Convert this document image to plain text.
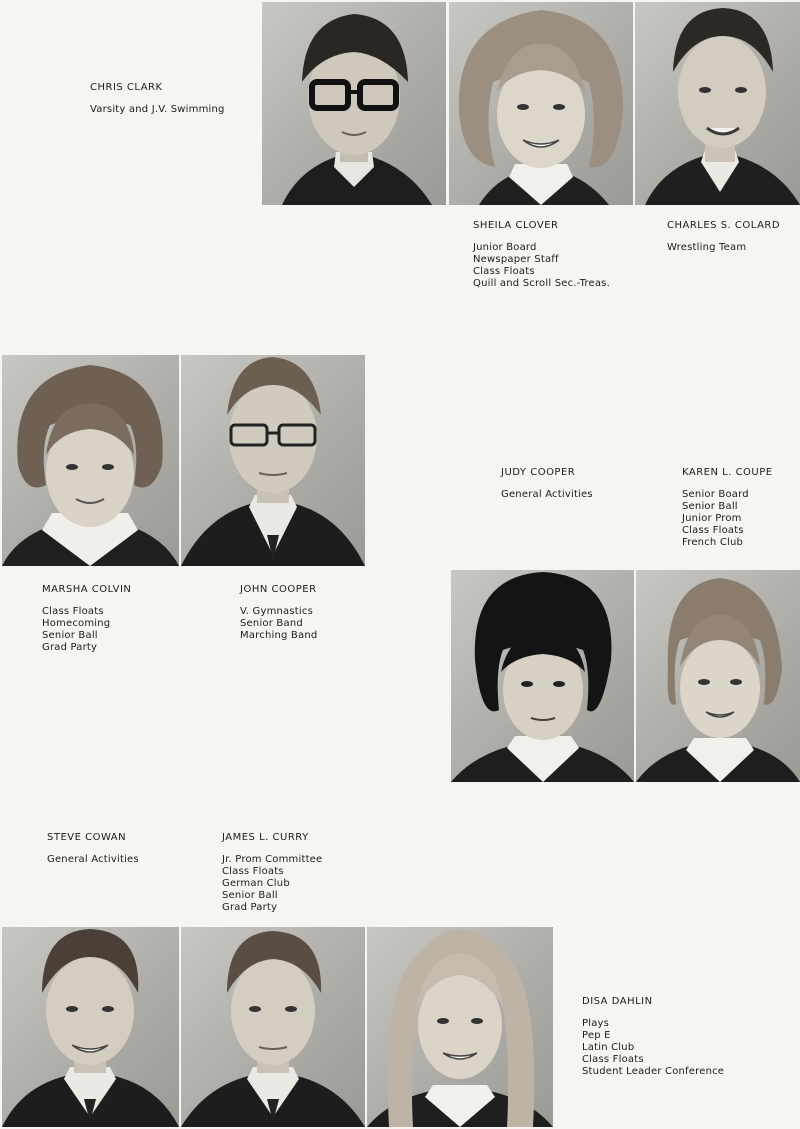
CHRIS CLARK
Varsity and J.V. Swimming
SHEILA CLOVER
Junior Board
Newspaper Staff
Class Floats
Quill and Scroll Sec.-Treas.
CHARLES S. COLARD
Wrestling Team
MARSHA COLVIN
Class Floats
Homecoming
Senior Ball
Grad Party
JOHN COOPER
V. Gymnastics
Senior Band
Marching Band
JUDY COOPER
General Activities
KAREN L. COUPE
Senior Board
Senior Ball
Junior Prom
Class Floats
French Club
STEVE COWAN
General Activities
JAMES L. CURRY
Jr. Prom Committee
Class Floats
German Club
Senior Ball
Grad Party
DISA DAHLIN
Plays
Pep E
Latin Club
Class Floats
Student Leader Conference
